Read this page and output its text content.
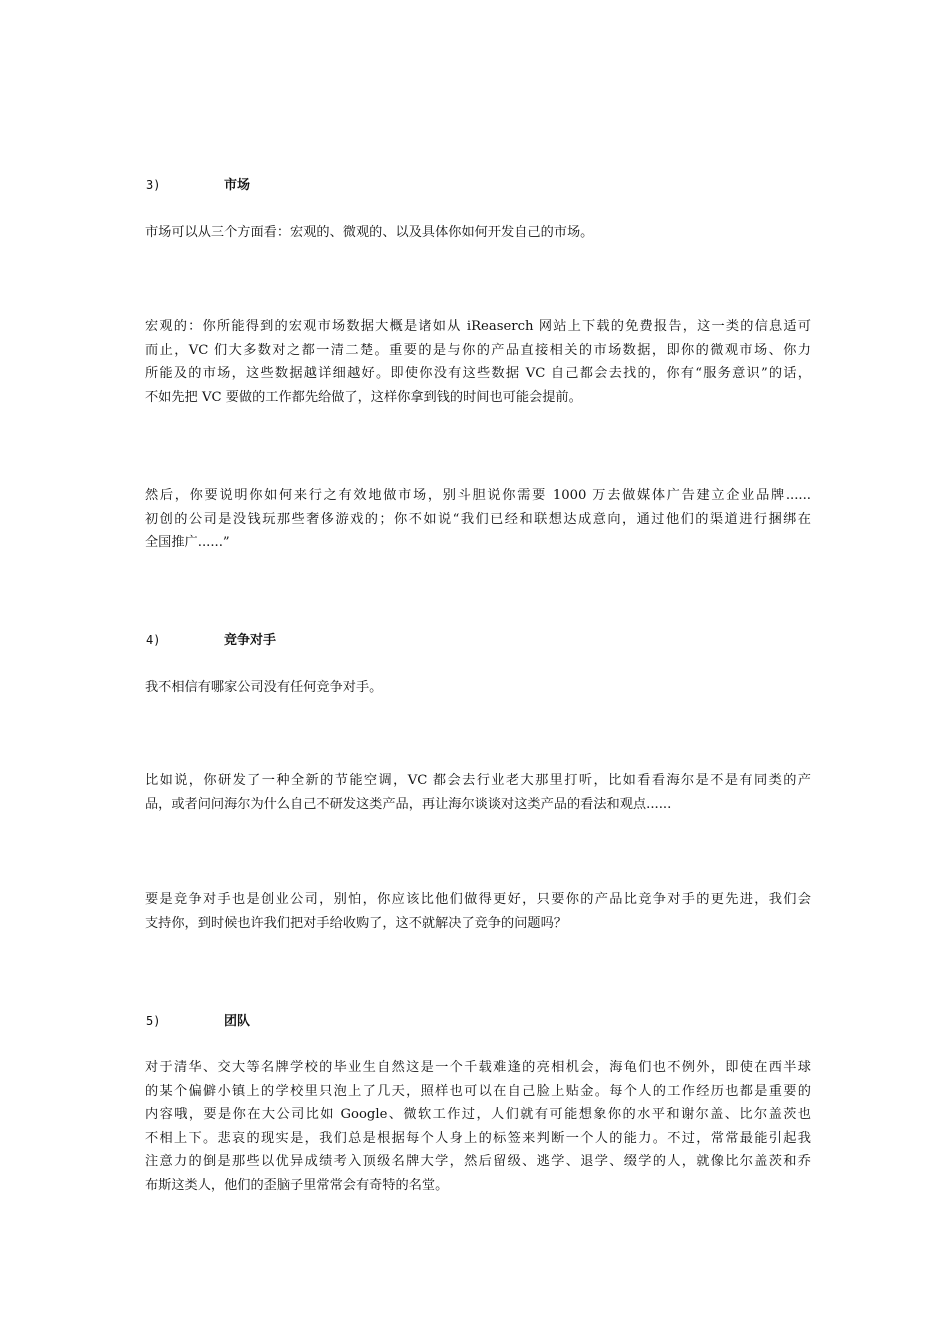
3)	市场
市场可以从三个方面看：宏观的、微观的、以及具体你如何开发自己的市场。
宏观的：你所能得到的宏观市场数据大概是诸如从 iReaserch 网站上下载的免费报告，这一类的信息适可
而止，VC 们大多数对之都一清二楚。重要的是与你的产品直接相关的市场数据，即你的微观市场、你力
所能及的市场，这些数据越详细越好。即使你没有这些数据 VC 自己都会去找的，你有“服务意识”的话，
不如先把 VC 要做的工作都先给做了，这样你拿到钱的时间也可能会提前。
然后，你要说明你如何来行之有效地做市场，别斗胆说你需要 1000 万去做媒体广告建立企业品牌......
初创的公司是没钱玩那些奢侈游戏的；你不如说“我们已经和联想达成意向，通过他们的渠道进行捆绑在
全国推广......”
4)	竞争对手
我不相信有哪家公司没有任何竞争对手。
比如说，你研发了一种全新的节能空调，VC 都会去行业老大那里打听，比如看看海尔是不是有同类的产
品，或者问问海尔为什么自己不研发这类产品，再让海尔谈谈对这类产品的看法和观点......
要是竞争对手也是创业公司，别怕，你应该比他们做得更好，只要你的产品比竞争对手的更先进，我们会
支持你，到时候也许我们把对手给收购了，这不就解决了竞争的问题吗？
5)	团队
对于清华、交大等名牌学校的毕业生自然这是一个千载难逢的亮相机会，海龟们也不例外，即使在西半球
的某个偏僻小镇上的学校里只泡上了几天，照样也可以在自己脸上贴金。每个人的工作经历也都是重要的
内容哦，要是你在大公司比如 Google、微软工作过，人们就有可能想象你的水平和谢尔盖、比尔盖茨也
不相上下。悲哀的现实是，我们总是根据每个人身上的标签来判断一个人的能力。不过，常常最能引起我
注意力的倒是那些以优异成绩考入顶级名牌大学，然后留级、逃学、退学、缀学的人，就像比尔盖茨和乔
布斯这类人，他们的歪脑子里常常会有奇特的名堂。
